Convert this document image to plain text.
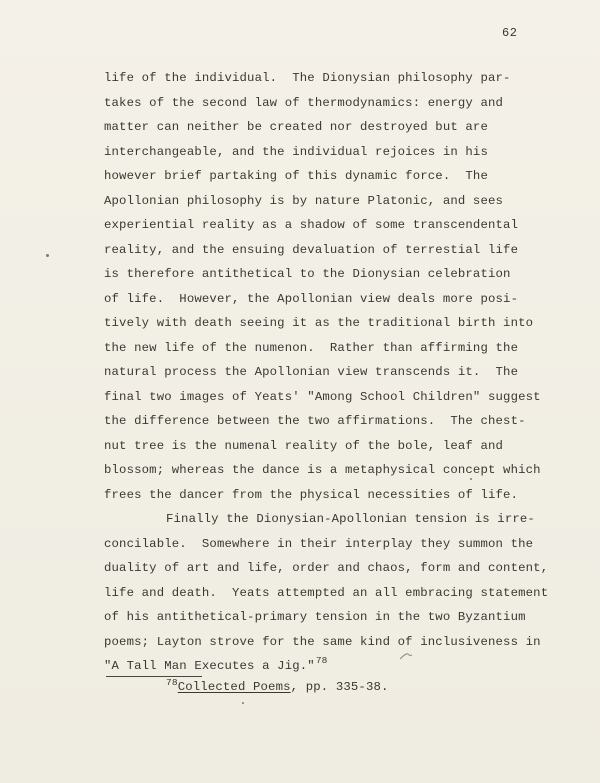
62
life of the individual.  The Dionysian philosophy par-
takes of the second law of thermodynamics: energy and
matter can neither be created nor destroyed but are
interchangeable, and the individual rejoices in his
however brief partaking of this dynamic force.  The
Apollonian philosophy is by nature Platonic, and sees
experiential reality as a shadow of some transcendental
reality, and the ensuing devaluation of terrestial life
is therefore antithetical to the Dionysian celebration
of life.  However, the Apollonian view deals more posi-
tively with death seeing it as the traditional birth into
the new life of the numenon.  Rather than affirming the
natural process the Apollonian view transcends it.  The
final two images of Yeats' "Among School Children" suggest
the difference between the two affirmations.  The chest-
nut tree is the numenal reality of the bole, leaf and
blossom; whereas the dance is a metaphysical concept which
frees the dancer from the physical necessities of life.
Finally the Dionysian-Apollonian tension is irre-
concilable.  Somewhere in their interplay they summon the
duality of art and life, order and chaos, form and content,
life and death.  Yeats attempted an all embracing statement
of his antithetical-primary tension in the two Byzantium
poems; Layton strove for the same kind of inclusiveness in
"A Tall Man Executes a Jig."$^{78}$
$^{78}$Collected Poems, pp. 335-38.
